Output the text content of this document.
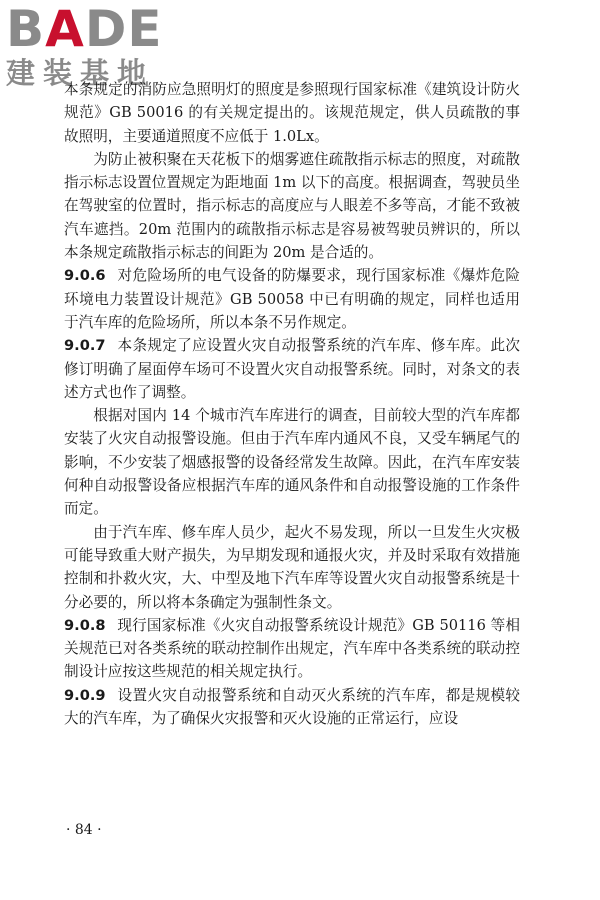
BADE
建装基地

本条规定的消防应急照明灯的照度是参照现行国家标准《建筑设计防火规范》GB 50016 的有关规定提出的。该规范规定，供人员疏散的事故照明，主要通道照度不应低于 1.0Lx。

为防止被积聚在天花板下的烟雾遮住疏散指示标志的照度，对疏散指示标志设置位置规定为距地面 1m 以下的高度。根据调查，驾驶员坐在驾驶室的位置时，指示标志的高度应与人眼差不多等高，才能不致被汽车遮挡。20m 范围内的疏散指示标志是容易被驾驶员辨识的，所以本条规定疏散指示标志的间距为 20m 是合适的。

9.0.6 对危险场所的电气设备的防爆要求，现行国家标准《爆炸危险环境电力装置设计规范》GB 50058 中已有明确的规定，同样也适用于汽车库的危险场所，所以本条不另作规定。

9.0.7 本条规定了应设置火灾自动报警系统的汽车库、修车库。此次修订明确了屋面停车场可不设置火灾自动报警系统。同时，对条文的表述方式也作了调整。

根据对国内 14 个城市汽车库进行的调查，目前较大型的汽车库都安装了火灾自动报警设施。但由于汽车库内通风不良，又受车辆尾气的影响，不少安装了烟感报警的设备经常发生故障。因此，在汽车库安装何种自动报警设备应根据汽车库的通风条件和自动报警设施的工作条件而定。

由于汽车库、修车库人员少，起火不易发现，所以一旦发生火灾极可能导致重大财产损失，为早期发现和通报火灾，并及时采取有效措施控制和扑救火灾，大、中型及地下汽车库等设置火灾自动报警系统是十分必要的，所以将本条确定为强制性条文。

9.0.8 现行国家标准《火灾自动报警系统设计规范》GB 50116 等相关规范已对各类系统的联动控制作出规定，汽车库中各类系统的联动控制设计应按这些规范的相关规定执行。

9.0.9 设置火灾自动报警系统和自动灭火系统的汽车库，都是规模较大的汽车库，为了确保火灾报警和灭火设施的正常运行，应设

· 84 ·
